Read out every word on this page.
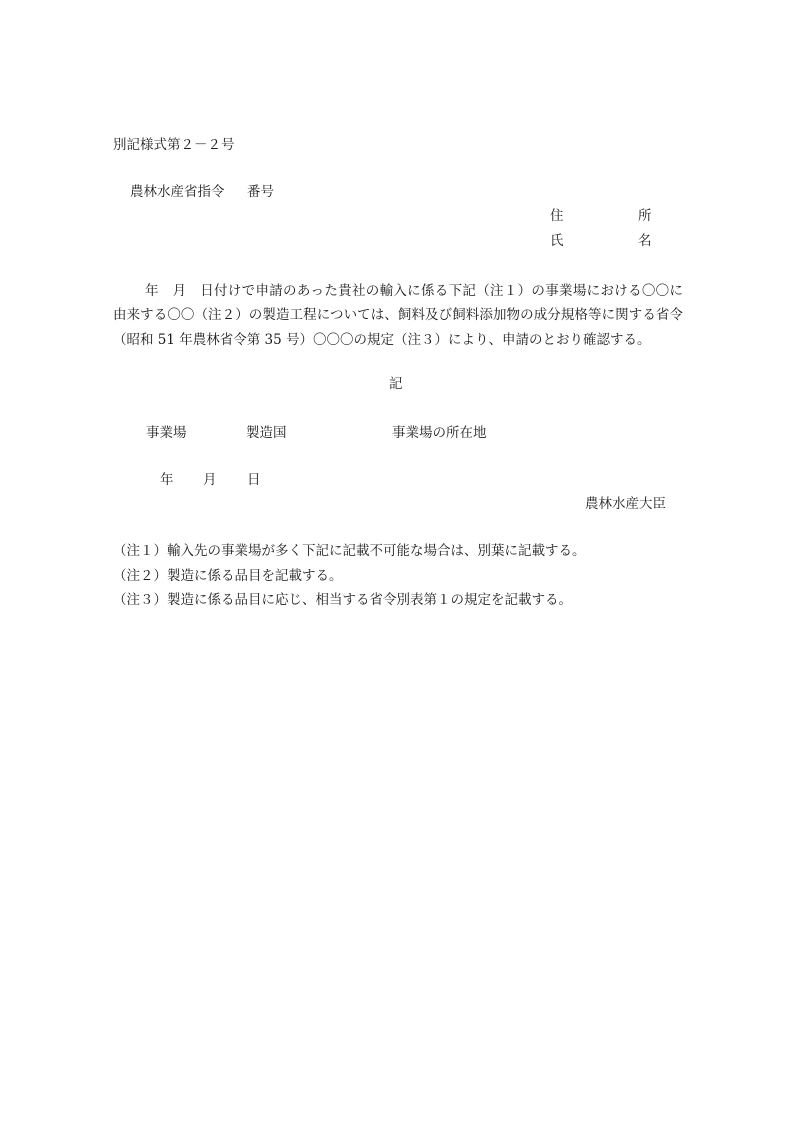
別記様式第２－２号
農林水産省指令 番号
住	所
氏	名
年　月　日付けで申請のあった貴社の輸入に係る下記（注１）の事業場における〇〇に由来する〇〇（注２）の製造工程については、飼料及び飼料添加物の成分規格等に関する省令（昭和 51 年農林省令第 35 号）〇〇〇の規定（注３）により、申請のとおり確認する。
記
事業場	製造国	事業場の所在地
年 月 日
農林水産大臣
（注１）輸入先の事業場が多く下記に記載不可能な場合は、別葉に記載する。
（注２）製造に係る品目を記載する。
（注３）製造に係る品目に応じ、相当する省令別表第１の規定を記載する。
